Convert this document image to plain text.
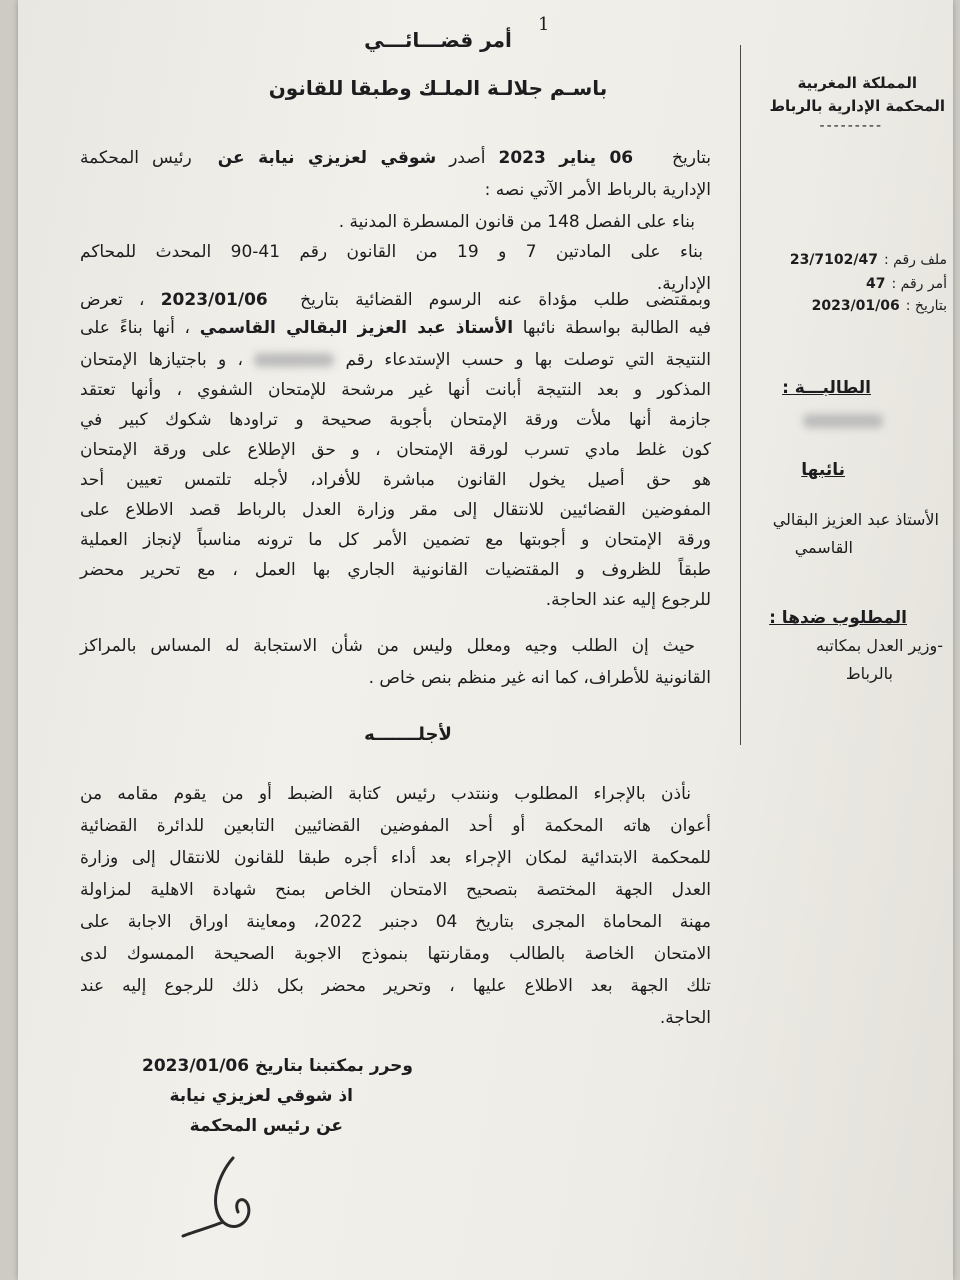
1
أمر قضـــائـــي
باسـم جلالـة الملـك وطبقا للقانون	المملكة المغربية
المحكمة الإدارية بالرباط
---------
ملف رقم :23/7102/47
أمر رقم :47
بتاريخ :2023/01/06
الطالبـــة :
نائبها
الأستاذ عبد العزيز البقالي
القاسمي
المطلوب ضدها :
-وزير العدل بمكاتبه
بالرباط
بتاريخ   06 يناير 2023 أصدر شوقي لعزيزي نيابة عن  رئيس المحكمة
الإدارية بالرباط الأمر الآتي نصه :
بناء على الفصل 148 من قانون المسطرة المدنية .
بناء على المادتين 7 و 19 من القانون رقم 41-90 المحدث للمحاكم
الإدارية.
وبمقتضى طلب مؤداة عنه الرسوم القضائية بتاريخ  2023/01/06 ، تعرض
فيه الطالبة بواسطة نائبها الأستاذ عبد العزيز البقالي القاسمي ، أنها بناءً على
النتيجة التي توصلت بها و حسب الإستدعاء رقم  ، و باجتيازها الإمتحان
المذكور و بعد النتيجة أبانت أنها غير مرشحة للإمتحان الشفوي ، وأنها تعتقد
جازمة أنها ملأت ورقة الإمتحان بأجوبة صحيحة و تراودها شكوك كبير في
كون غلط مادي تسرب لورقة الإمتحان ، و حق الإطلاع على ورقة الإمتحان
هو حق أصيل يخول القانون مباشرة للأفراد، لأجله تلتمس تعيين أحد
المفوضين القضائيين للانتقال إلى مقر وزارة العدل بالرباط قصد الاطلاع على
ورقة الإمتحان و أجوبتها مع تضمين الأمر كل ما ترونه مناسباً لإنجاز العملية
طبقاً للظروف و المقتضيات القانونية الجاري بها العمل ، مع تحرير محضر
للرجوع إليه عند الحاجة.
حيث إن الطلب وجيه ومعلل وليس من شأن الاستجابة له المساس بالمراكز
القانونية للأطراف، كما انه غير منظم بنص خاص .
لأجلـــــــه
نأذن بالإجراء المطلوب وننتدب رئيس كتابة الضبط أو من يقوم مقامه من
أعوان هاته المحكمة أو أحد المفوضين القضائيين التابعين للدائرة القضائية
للمحكمة الابتدائية لمكان الإجراء بعد أداء أجره طبقا للقانون للانتقال إلى وزارة
العدل الجهة المختصة بتصحيح الامتحان الخاص بمنح شهادة الاهلية لمزاولة
مهنة المحاماة المجرى بتاريخ 04 دجنبر 2022، ومعاينة اوراق الاجابة على
الامتحان الخاصة بالطالب ومقارنتها بنموذج الاجوبة الصحيحة الممسوك لدى
تلك الجهة بعد الاطلاع عليها ، وتحرير محضر بكل ذلك للرجوع إليه عند
الحاجة.
وحرر بمكتبنا بتاريخ 2023/01/06
اذ شوقي لعزيزي نيابة
عن رئيس المحكمة
